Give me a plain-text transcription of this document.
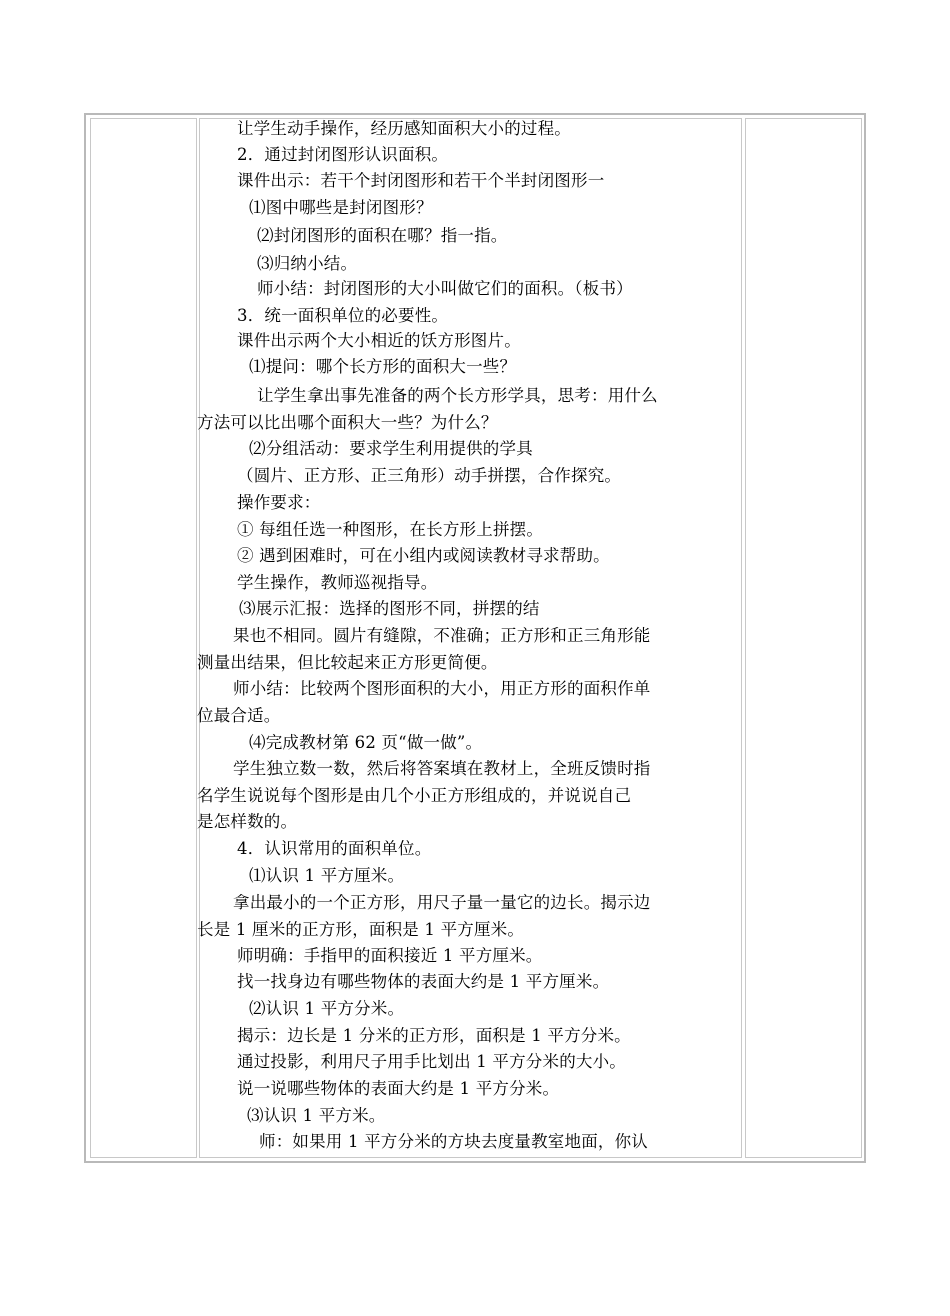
让学生动手操作，经历感知面积大小的过程。
2．通过封闭图形认识面积。
课件出示：若干个封闭图形和若干个半封闭图形一
⑴图中哪些是封闭图形？
⑵封闭图形的面积在哪？指一指。
⑶归纳小结。
师小结：封闭图形的大小叫做它们的面积。（板书）
3．统一面积单位的必要性。
课件出示两个大小相近的饫方形图片。
⑴提问：哪个长方形的面积大一些？
让学生拿出事先准备的两个长方形学具，思考：用什么
方法可以比出哪个面积大一些？为什么？
⑵分组活动：要求学生利用提供的学具
（圆片、正方形、正三角形）动手拼摆，合作探究。
操作要求：
① 每组任选一种图形，在长方形上拼摆。
② 遇到困难时，可在小组内或阅读教材寻求帮助。
学生操作，教师巡视指导。
⑶展示汇报：选择的图形不同，拼摆的结
果也不相同。圆片有缝隙，不准确；正方形和正三角形能
测量出结果，但比较起来正方形更简便。
师小结：比较两个图形面积的大小，用正方形的面积作单
位最合适。
⑷完成教材第 62 页“做一做”。
学生独立数一数，然后将答案填在教材上，全班反馈时指
名学生说说每个图形是由几个小正方形组成的，并说说自己
是怎样数的。
4．认识常用的面积单位。
⑴认识 1 平方厘米。
拿出最小的一个正方形，用尺子量一量它的边长。揭示边
长是 1 厘米的正方形，面积是 1 平方厘米。
师明确：手指甲的面积接近 1 平方厘米。
找一找身边有哪些物体的表面大约是 1 平方厘米。
⑵认识 1 平方分米。
揭示：边长是 1 分米的正方形，面积是 1 平方分米。
通过投影，利用尺子用手比划出 1 平方分米的大小。
说一说哪些物体的表面大约是 1 平方分米。
⑶认识 1 平方米。
师：如果用 1 平方分米的方块去度量教室地面，你认
